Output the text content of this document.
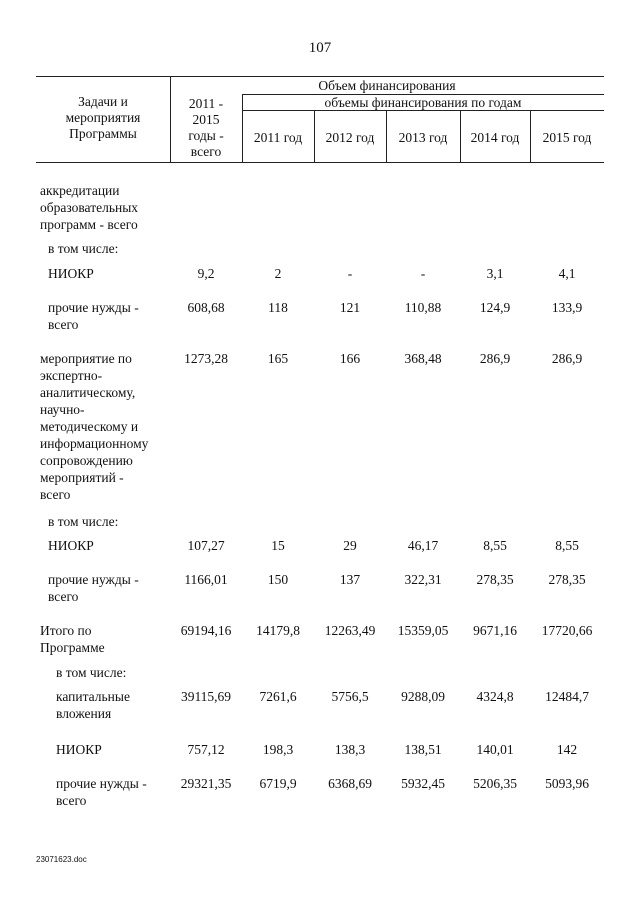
107
Задачи и
мероприятия
Программы
Объем финансирования
2011 -
2015
годы -
всего
объемы финансирования по годам
2011 год	2012 год	2013 год	2014 год	2015 год
аккредитации
образовательных
программ - всего
в том числе:
НИОКР	9,2	2	-	-	3,1	4,1
прочие нужды -
всего
608,68	118	121	110,88	124,9	133,9
мероприятие по
экспертно-
аналитическому,
научно-
методическому и
информационному
сопровождению
мероприятий -
всего
1273,28	165	166	368,48	286,9	286,9
в том числе:
НИОКР	107,27	15	29	46,17	8,55	8,55
прочие нужды -
всего
1166,01	150	137	322,31	278,35	278,35
Итого по
Программе
69194,16	14179,8	12263,49	15359,05	9671,16	17720,66
в том числе:
капитальные
вложения
39115,69	7261,6	5756,5	9288,09	4324,8	12484,7
НИОКР	757,12	198,3	138,3	138,51	140,01	142
прочие нужды -
всего
29321,35	6719,9	6368,69	5932,45	5206,35	5093,96
23071623.doc
